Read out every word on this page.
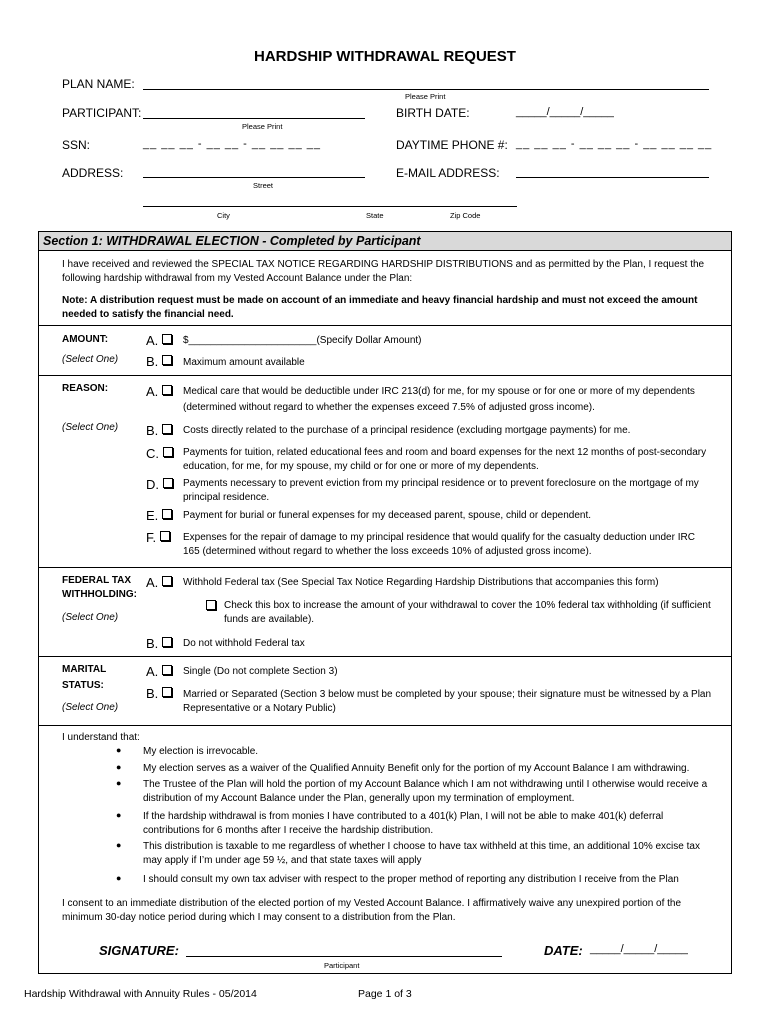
HARDSHIP WITHDRAWAL REQUEST
PLAN NAME:
Please Print
PARTICIPANT:
Please Print
BIRTH DATE:	_____/_____/_____
SSN:	__ __ __ - __ __ - __ __ __ __	DAYTIME PHONE #: __ __ __ - __ __ __ - __ __ __ __
ADDRESS:
Street
E-MAIL ADDRESS:
City	State	Zip Code
Section 1: WITHDRAWAL ELECTION - Completed by Participant
I have received and reviewed the SPECIAL TAX NOTICE REGARDING HARDSHIP DISTRIBUTIONS and as permitted by the Plan, I request the following hardship withdrawal from my Vested Account Balance under the Plan:
Note: A distribution request must be made on account of an immediate and heavy financial hardship and must not exceed the amount needed to satisfy the financial need.
AMOUNT:
(Select One)
A.	$_______________________(Specify Dollar Amount)
B.	Maximum amount available
REASON:
(Select One)
A.	Medical care that would be deductible under IRC 213(d) for me, for my spouse or for one or more of my dependents (determined without regard to whether the expenses exceed 7.5% of adjusted gross income).
B.	Costs directly related to the purchase of a principal residence (excluding mortgage payments) for me.
C.	Payments for tuition, related educational fees and room and board expenses for the next 12 months of post-secondary education, for me, for my spouse, my child or for one or more of my dependents.
D.	Payments necessary to prevent eviction from my principal residence or to prevent foreclosure on the mortgage of my principal residence.
E.	Payment for burial or funeral expenses for my deceased parent, spouse, child or dependent.
F.	Expenses for the repair of damage to my principal residence that would qualify for the casualty deduction under IRC 165 (determined without regard to whether the loss exceeds 10% of adjusted gross income).
FEDERAL TAX
WITHHOLDING:
(Select One)
A.	Withhold Federal tax (See Special Tax Notice Regarding Hardship Distributions that accompanies this form)
Check this box to increase the amount of your withdrawal to cover the 10% federal tax withholding (if sufficient funds are available).
B.	Do not withhold Federal tax
MARITAL
STATUS:
(Select One)
A.	Single (Do not complete Section 3)
B.	Married or Separated (Section 3 below must be completed by your spouse; their signature must be witnessed by a Plan Representative or a Notary Public)
I understand that:
● My election is irrevocable.
● My election serves as a waiver of the Qualified Annuity Benefit only for the portion of my Account Balance I am withdrawing.
● The Trustee of the Plan will hold the portion of my Account Balance which I am not withdrawing until I otherwise would receive a distribution of my Account Balance under the Plan, generally upon my termination of employment.
● If the hardship withdrawal is from monies I have contributed to a 401(k) Plan, I will not be able to make 401(k) deferral contributions for 6 months after I receive the hardship distribution.
● This distribution is taxable to me regardless of whether I choose to have tax withheld at this time, an additional 10% excise tax may apply if I’m under age 59 ½, and that state taxes will apply
● I should consult my own tax adviser with respect to the proper method of reporting any distribution I receive from the Plan
I consent to an immediate distribution of the elected portion of my Vested Account Balance. I affirmatively waive any unexpired portion of the minimum 30-day notice period during which I may consent to a distribution from the Plan.
SIGNATURE:
Participant
DATE: _____/_____/_____
Hardship Withdrawal with Annuity Rules - 05/2014	Page 1 of 3
